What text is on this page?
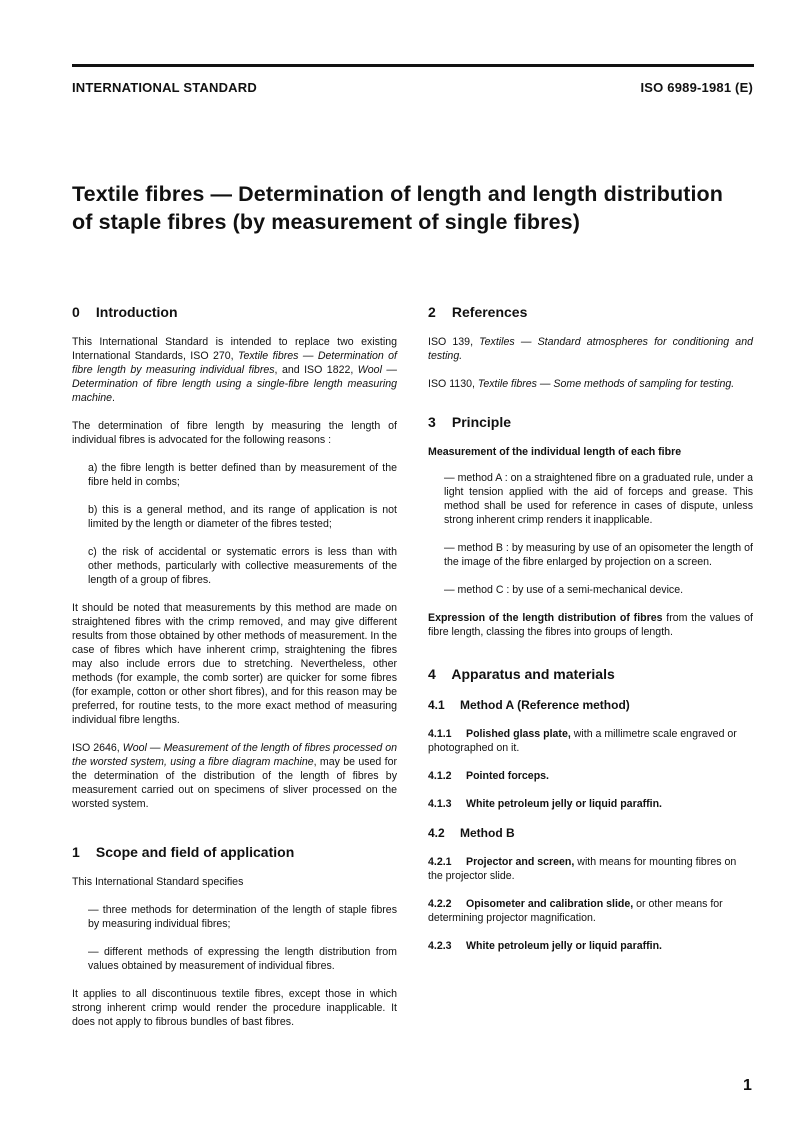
INTERNATIONAL STANDARD	ISO 6989-1981 (E)
Textile fibres — Determination of length and length distribution of staple fibres (by measurement of single fibres)
0 Introduction

This International Standard is intended to replace two existing International Standards, ISO 270, Textile fibres — Determination of fibre length by measuring individual fibres, and ISO 1822, Wool — Determination of fibre length using a single-fibre length measuring machine.

The determination of fibre length by measuring the length of individual fibres is advocated for the following reasons :

a) the fibre length is better defined than by measurement of the fibre held in combs;
b) this is a general method, and its range of application is not limited by the length or diameter of the fibres tested;
c) the risk of accidental or systematic errors is less than with other methods, particularly with collective measurements of the length of a group of fibres.

It should be noted that measurements by this method are made on straightened fibres with the crimp removed, and may give different results from those obtained by other methods of measurement. In the case of fibres which have inherent crimp, straightening the fibres may also include errors due to stretching. Nevertheless, other methods (for example, the comb sorter) are quicker for some fibres (for example, cotton or other short fibres), and for this reason may be preferred, for routine tests, to the more exact method of measuring individual fibre lengths.

ISO 2646, Wool — Measurement of the length of fibres processed on the worsted system, using a fibre diagram machine, may be used for the determination of the distribution of the length of fibres by measurement carried out on specimens of sliver processed on the worsted system.

1 Scope and field of application

This International Standard specifies

— three methods for determination of the length of staple fibres by measuring individual fibres;
— different methods of expressing the length distribution from values obtained by measurement of individual fibres.

It applies to all discontinuous textile fibres, except those in which strong inherent crimp would render the procedure inapplicable. It does not apply to fibrous bundles of bast fibres.

2 References

ISO 139, Textiles — Standard atmospheres for conditioning and testing.

ISO 1130, Textile fibres — Some methods of sampling for testing.

3 Principle
Measurement of the individual length of each fibre
— method A : on a straightened fibre on a graduated rule, under a light tension applied with the aid of forceps and grease. This method shall be used for reference in cases of dispute, unless strong inherent crimp renders it inapplicable.
— method B : by measuring by use of an opisometer the length of the image of the fibre enlarged by projection on a screen.
— method C : by use of a semi-mechanical device.

Expression of the length distribution of fibres from the values of fibre length, classing the fibres into groups of length.

4 Apparatus and materials
4.1 Method A (Reference method)
4.1.1 Polished glass plate, with a millimetre scale engraved or photographed on it.
4.1.2 Pointed forceps.
4.1.3 White petroleum jelly or liquid paraffin.
4.2 Method B
4.2.1 Projector and screen, with means for mounting fibres on the projector slide.
4.2.2 Opisometer and calibration slide, or other means for determining projector magnification.
4.2.3 White petroleum jelly or liquid paraffin.
1
